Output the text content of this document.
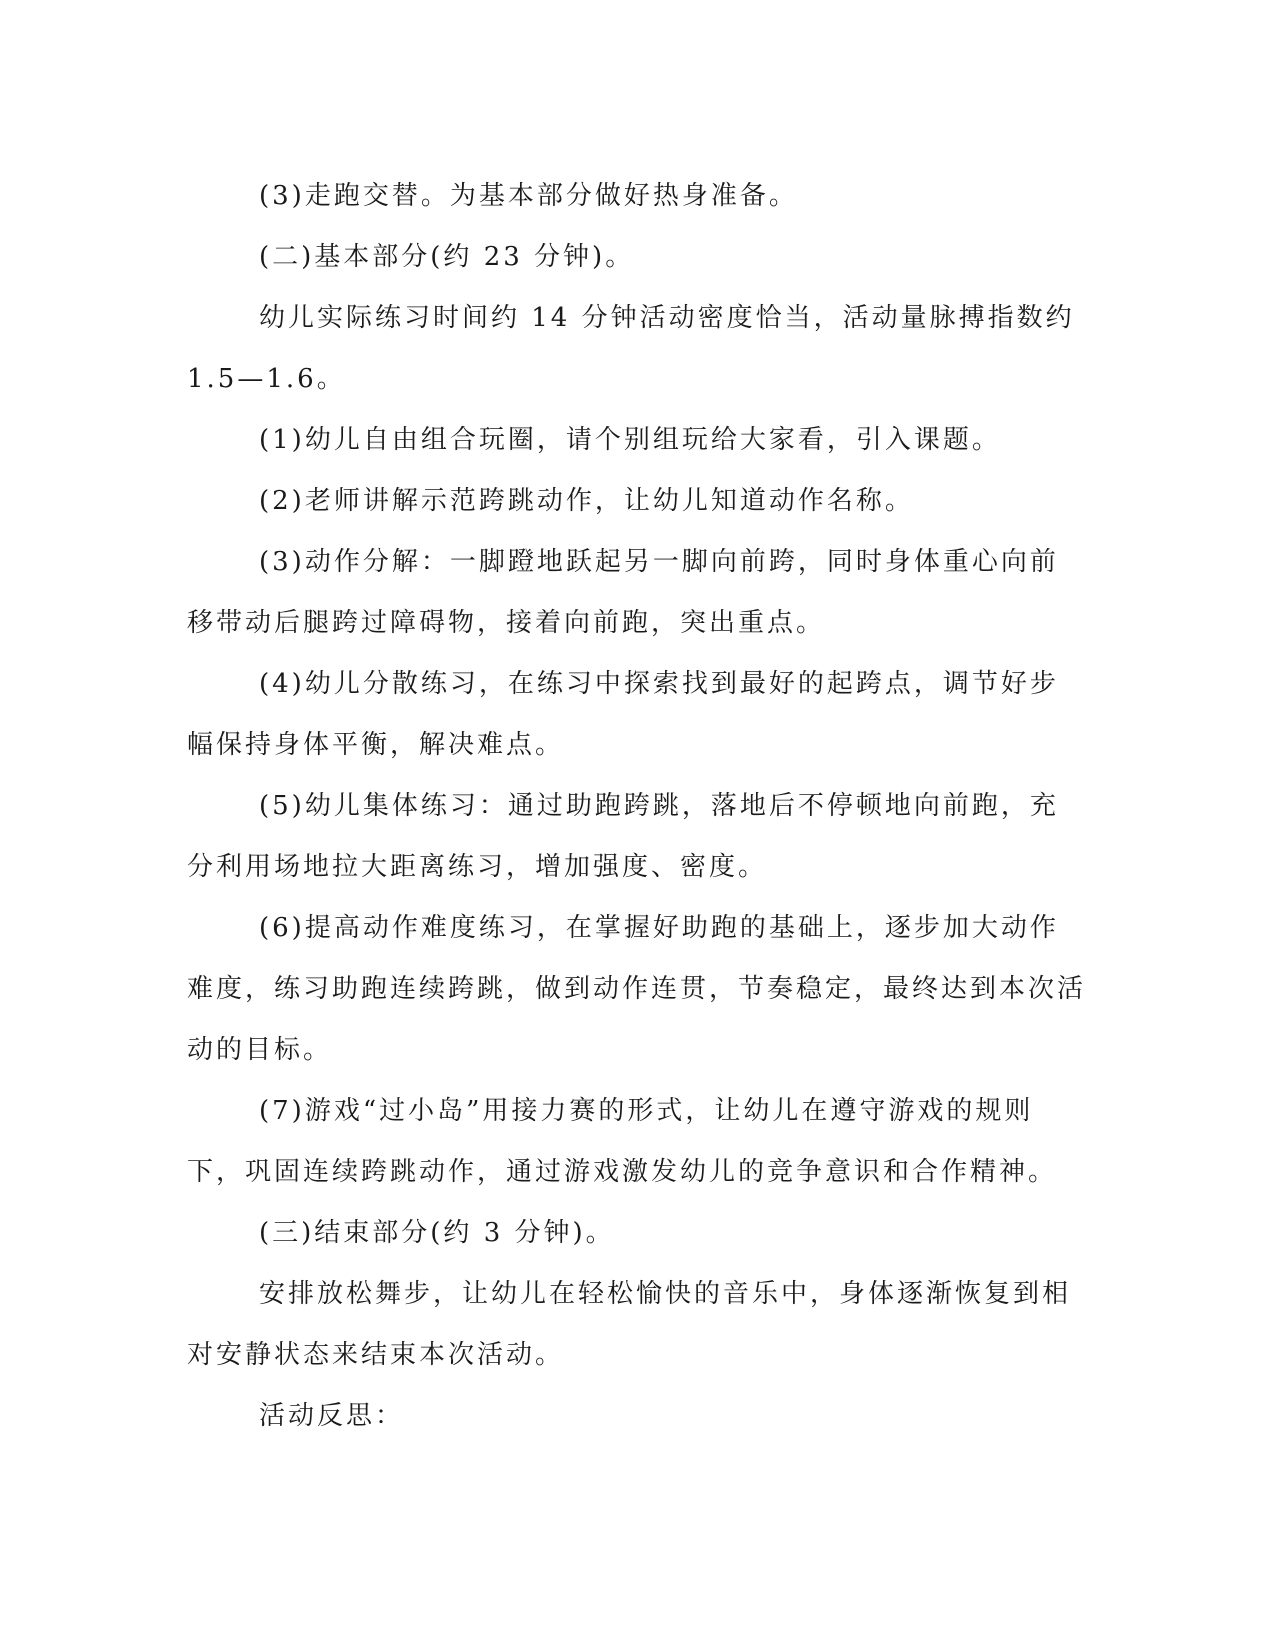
(3)走跑交替。为基本部分做好热身准备。

(二)基本部分(约 23 分钟)。

幼儿实际练习时间约 14 分钟活动密度恰当，活动量脉搏指数约 1.5—1.6。

(1)幼儿自由组合玩圈，请个别组玩给大家看，引入课题。

(2)老师讲解示范跨跳动作，让幼儿知道动作名称。

(3)动作分解：一脚蹬地跃起另一脚向前跨，同时身体重心向前移带动后腿跨过障碍物，接着向前跑，突出重点。

(4)幼儿分散练习，在练习中探索找到最好的起跨点，调节好步幅保持身体平衡，解决难点。

(5)幼儿集体练习：通过助跑跨跳，落地后不停顿地向前跑，充分利用场地拉大距离练习，增加强度、密度。

(6)提高动作难度练习，在掌握好助跑的基础上，逐步加大动作难度，练习助跑连续跨跳，做到动作连贯，节奏稳定，最终达到本次活动的目标。

(7)游戏“过小岛”用接力赛的形式，让幼儿在遵守游戏的规则下，巩固连续跨跳动作，通过游戏激发幼儿的竞争意识和合作精神。

(三)结束部分(约 3 分钟)。

安排放松舞步，让幼儿在轻松愉快的音乐中，身体逐渐恢复到相对安静状态来结束本次活动。

活动反思：
